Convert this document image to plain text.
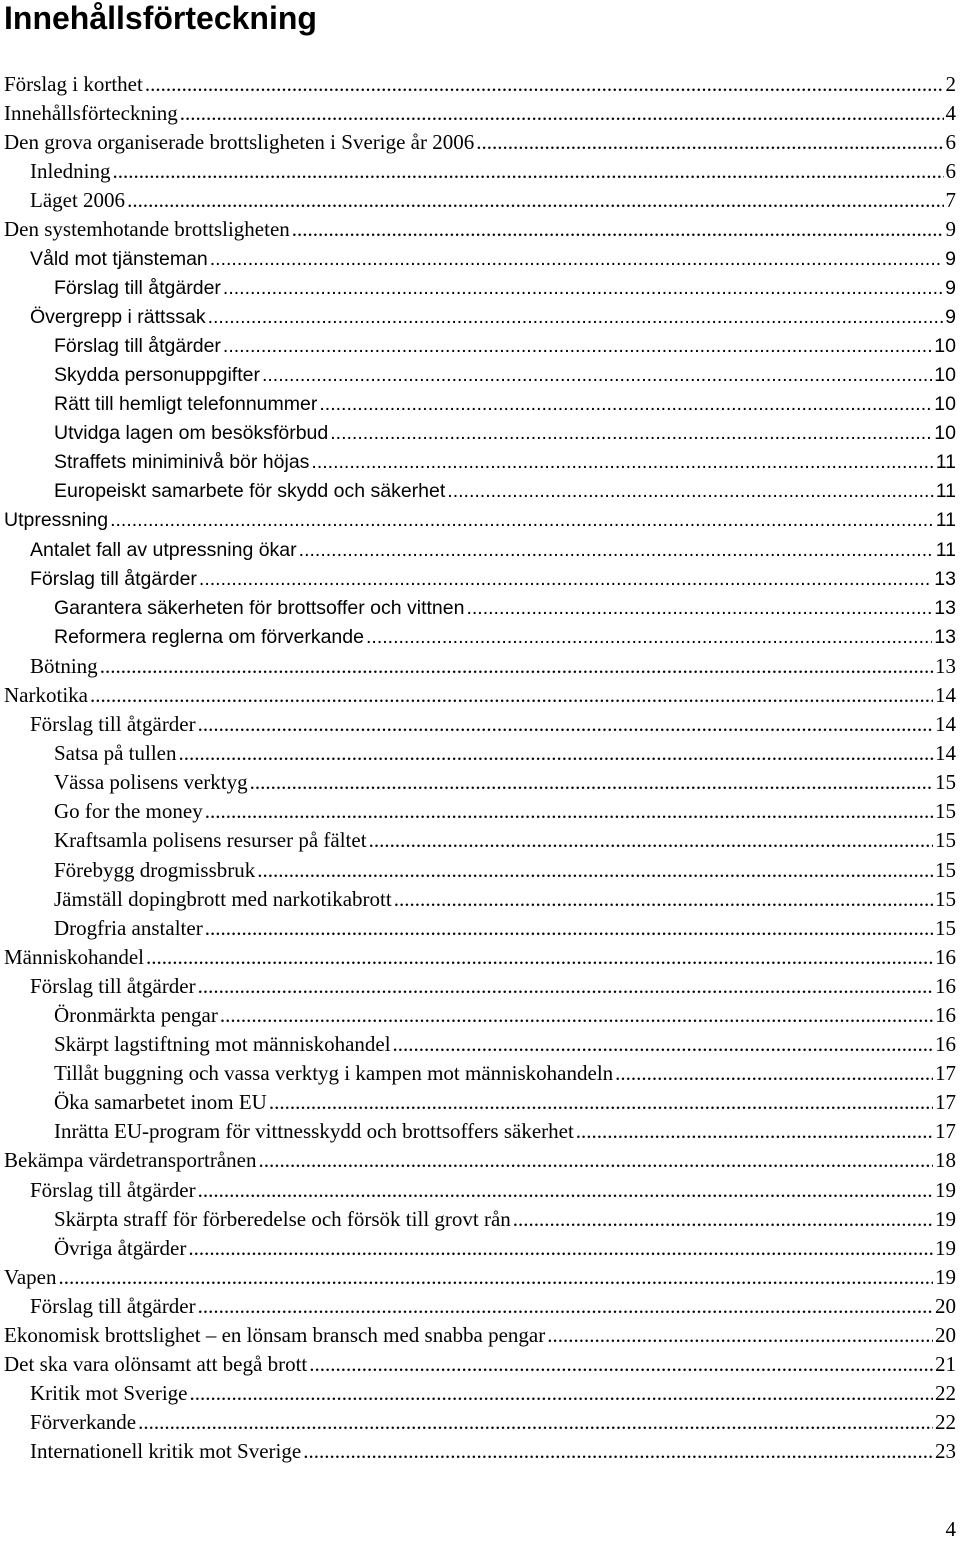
Innehållsförteckning
Förslag i korthet .....	2
Innehållsförteckning .....	4
Den grova organiserade brottsligheten i Sverige år 2006 .....	6
Inledning .....	6
Läget 2006 .....	7
Den systemhotande brottsligheten .....	9
Våld mot tjänsteman .....	9
Förslag till åtgärder .....	9
Övergrepp i rättssak .....	9
Förslag till åtgärder .....	10
Skydda personuppgifter .....	10
Rätt till hemligt telefonnummer .....	10
Utvidga lagen om besöksförbud .....	10
Straffets miniminivå bör höjas .....	11
Europeiskt samarbete för skydd och säkerhet .....	11
Utpressning .....	11
Antalet fall av utpressning ökar .....	11
Förslag till åtgärder .....	13
Garantera säkerheten för brottsoffer och vittnen .....	13
Reformera reglerna om förverkande .....	13
Bötning .....	13
Narkotika .....	14
Förslag till åtgärder .....	14
Satsa på tullen .....	14
Vässa polisens verktyg .....	15
Go for the money .....	15
Kraftsamla polisens resurser på fältet .....	15
Förebygg drogmissbruk .....	15
Jämställ dopingbrott med narkotikabrott .....	15
Drogfria anstalter .....	15
Människohandel .....	16
Förslag till åtgärder .....	16
Öronmärkta pengar .....	16
Skärpt lagstiftning mot människohandel .....	16
Tillåt buggning och vassa verktyg i kampen mot människohandeln .....	17
Öka samarbetet inom EU .....	17
Inrätta EU-program för vittnesskydd och brottsoffers säkerhet .....	17
Bekämpa värdetransportrånen .....	18
Förslag till åtgärder .....	19
Skärpta straff för förberedelse och försök till grovt rån .....	19
Övriga åtgärder .....	19
Vapen .....	19
Förslag till åtgärder .....	20
Ekonomisk brottslighet – en lönsam bransch med snabba pengar .....	20
Det ska vara olönsamt att begå brott .....	21
Kritik mot Sverige .....	22
Förverkande .....	22
Internationell kritik mot Sverige .....	23
4
